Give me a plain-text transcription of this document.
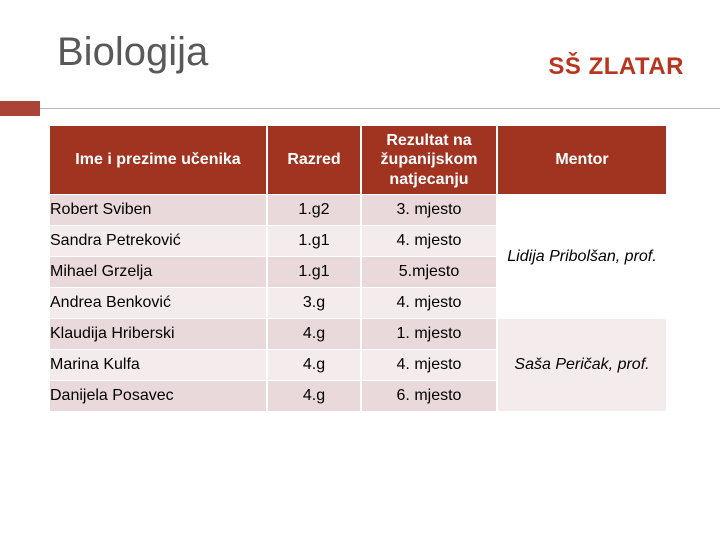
Biologija	SŠ ZLATAR
Ime i prezime učenika	Razred	Rezultat na županijskom natjecanju	Mentor
Robert Sviben	1.g2	3. mjesto	Lidija Pribolšan, prof.
Sandra Petreković	1.g1	4. mjesto	
Mihael Grzelja	1.g1	5.mjesto	
Andrea Benković	3.g	4. mjesto	
Klaudija Hriberski	4.g	1. mjesto	Saša Peričak, prof.
Marina Kulfa	4.g	4. mjesto	
Danijela Posavec	4.g	6. mjesto	
